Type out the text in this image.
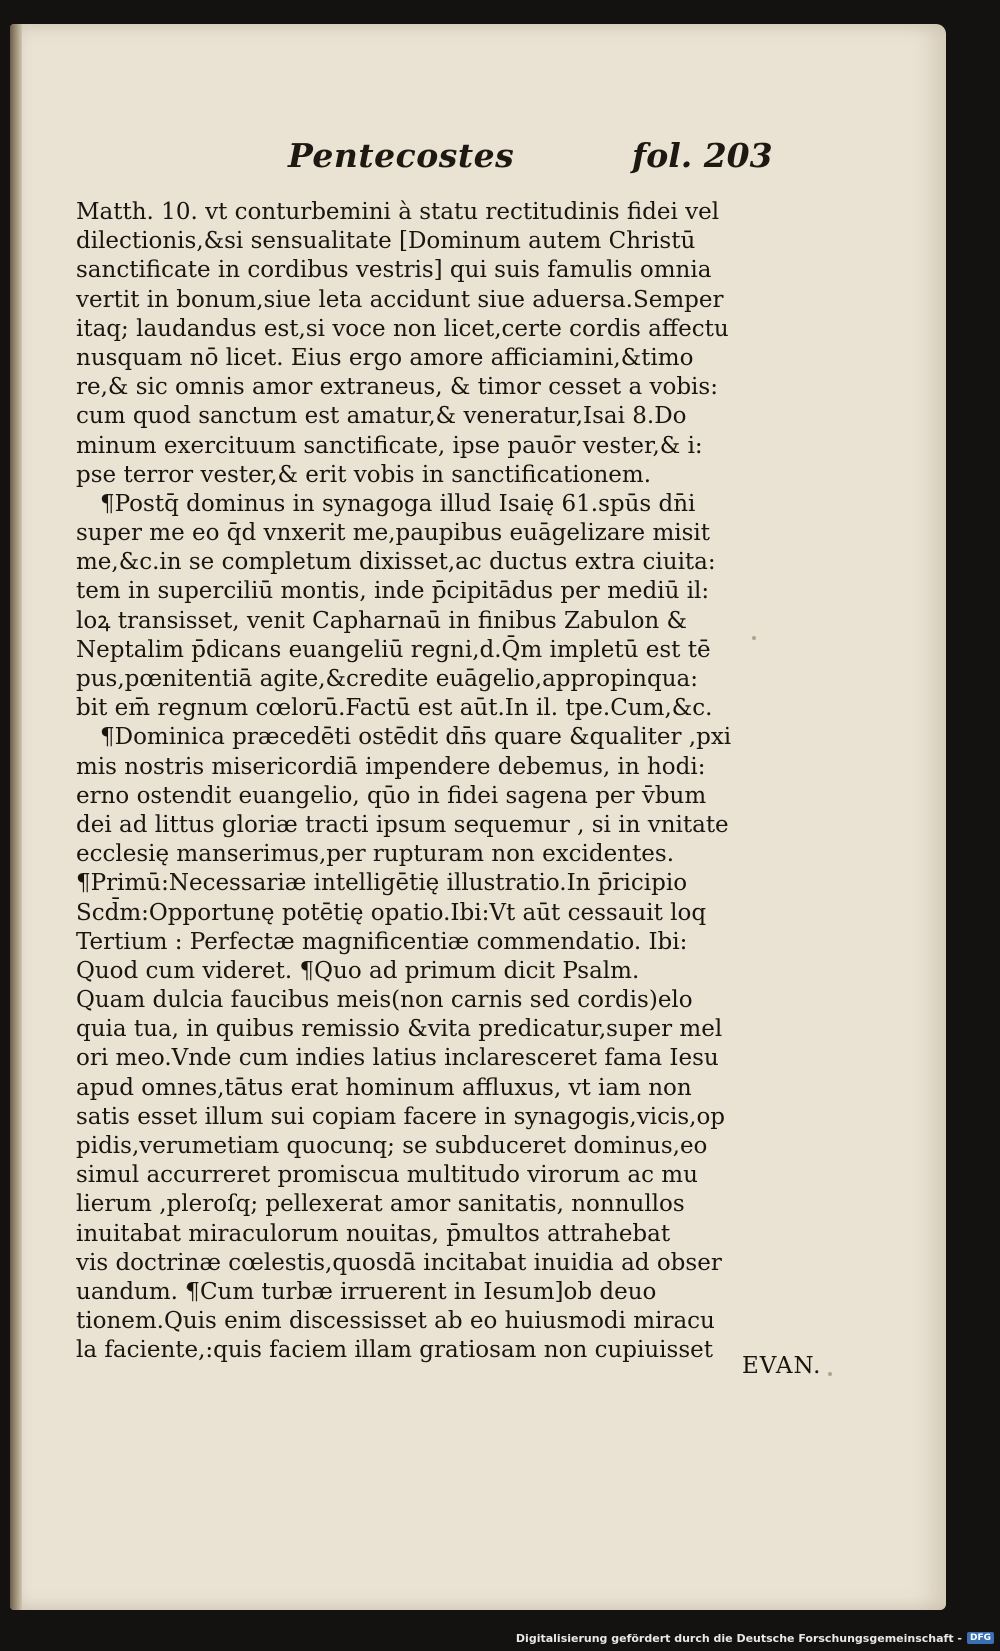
Pentecostes	fol. 203
Matth. 10. vt conturbemini à statu rectitudinis fidei vel
dilectionis,&si sensualitate [Dominum autem Christū
sanctificate in cordibus vestris] qui suis famulis omnia
vertit in bonum,siue leta accidunt siue aduersa.Semper
itaq; laudandus est,si voce non licet,certe cordis affectu
nusquam nō licet. Eius ergo amore afficiamini,&timo
re,& sic omnis amor extraneus, & timor cesset a vobis:
cum quod sanctum est amatur,& veneratur,Isai 8.Do
minum exercituum sanctificate, ipse pauōr vester,& i:
pse terror vester,& erit vobis in sanctificationem.
¶Postq̄ dominus in synagoga illud Isaię 61.spūs dn̄i
super me eo q̄d vnxerit me,paupibus euāgelizare misit
me,&c.in se completum dixisset,ac ductus extra ciuita:
tem in superciliū montis, inde p̄cipitādus per mediū il:
loꝝ transisset, venit Capharnaū in finibus Zabulon &
Neptalim p̄dicans euangeliū regni,d.Q̄m impletū est tē
pus,pœnitentiā agite,&credite euāgelio,appropinqua:
bit em̄ regnum cœlorū.Factū est aūt.In il. tpe.Cum,&c.
¶Dominica præcedēti ostēdit dn̄s quare &qualiter ,pxi
mis nostris misericordiā impendere debemus, in hodi:
erno ostendit euangelio, qūo in fidei sagena per v̄bum
dei ad littus gloriæ tracti ipsum sequemur , si in vnitate
ecclesię manserimus,per rupturam non excidentes.
¶Primū:Necessariæ intelligētię illustratio.In p̄ricipio
Scd̄m:Opportunę potētię opatio.Ibi:Vt aūt cessauit loq
Tertium : Perfectæ magnificentiæ commendatio. Ibi:
Quod cum videret. ¶Quo ad primum dicit Psalm.
Quam dulcia faucibus meis(non carnis sed cordis)elo
quia tua, in quibus remissio &vita predicatur,super mel
ori meo.Vnde cum indies latius inclaresceret fama Iesu
apud omnes,tātus erat hominum affluxus, vt iam non
satis esset illum sui copiam facere in synagogis,vicis,op
pidis,verumetiam quocunq; se subduceret dominus,eo
simul accurreret promiscua multitudo virorum ac mu
lierum ,pleroſq; pellexerat amor sanitatis, nonnullos
inuitabat miraculorum nouitas, p̄multos attrahebat
vis doctrinæ cœlestis,quosdā incitabat inuidia ad obser
uandum. ¶Cum turbæ irruerent in Iesum]ob deuo
tionem.Quis enim discessisset ab eo huiusmodi miracu
la faciente,:quis faciem illam gratiosam non cupiuisset
EVAN.
Digitalisierung gefördert durch die Deutsche Forschungsgemeinschaft - DFG
